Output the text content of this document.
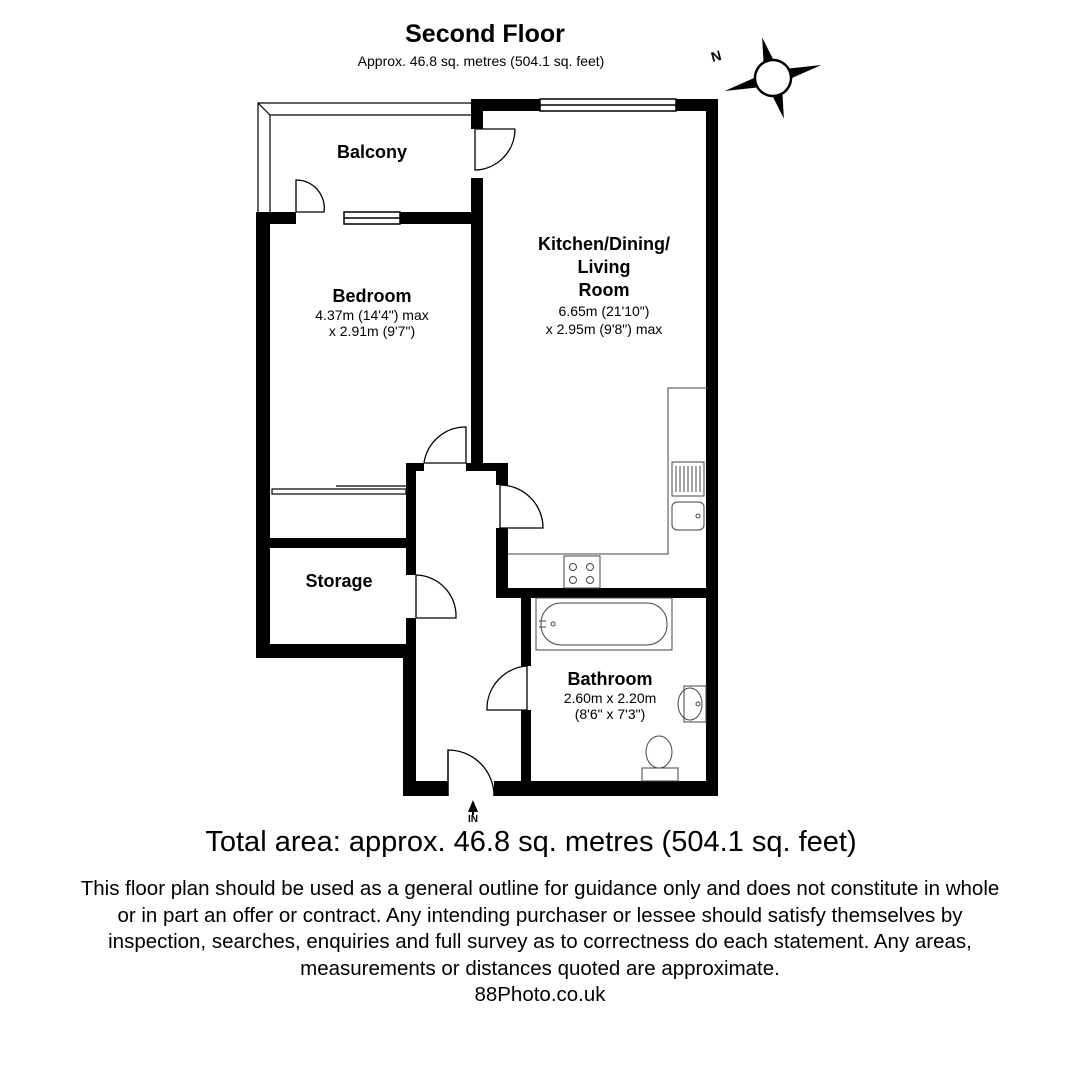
Second Floor
Approx. 46.8 sq. metres (504.1 sq. feet)	N
Balcony
Bedroom
4.37m (14'4") max
x 2.91m (9'7")
Kitchen/Dining/
Living
Room
6.65m (21'10")
x 2.95m (9'8") max
Storage
Bathroom
2.60m x 2.20m
(8'6" x 7'3")
IN
Total area: approx. 46.8 sq. metres (504.1 sq. feet)
This floor plan should be used as a general outline for guidance only and does not constitute in whole
or in part an offer or contract. Any intending purchaser or lessee should satisfy themselves by
inspection, searches, enquiries and full survey as to correctness do each statement. Any areas,
measurements or distances quoted are approximate.
88Photo.co.uk
